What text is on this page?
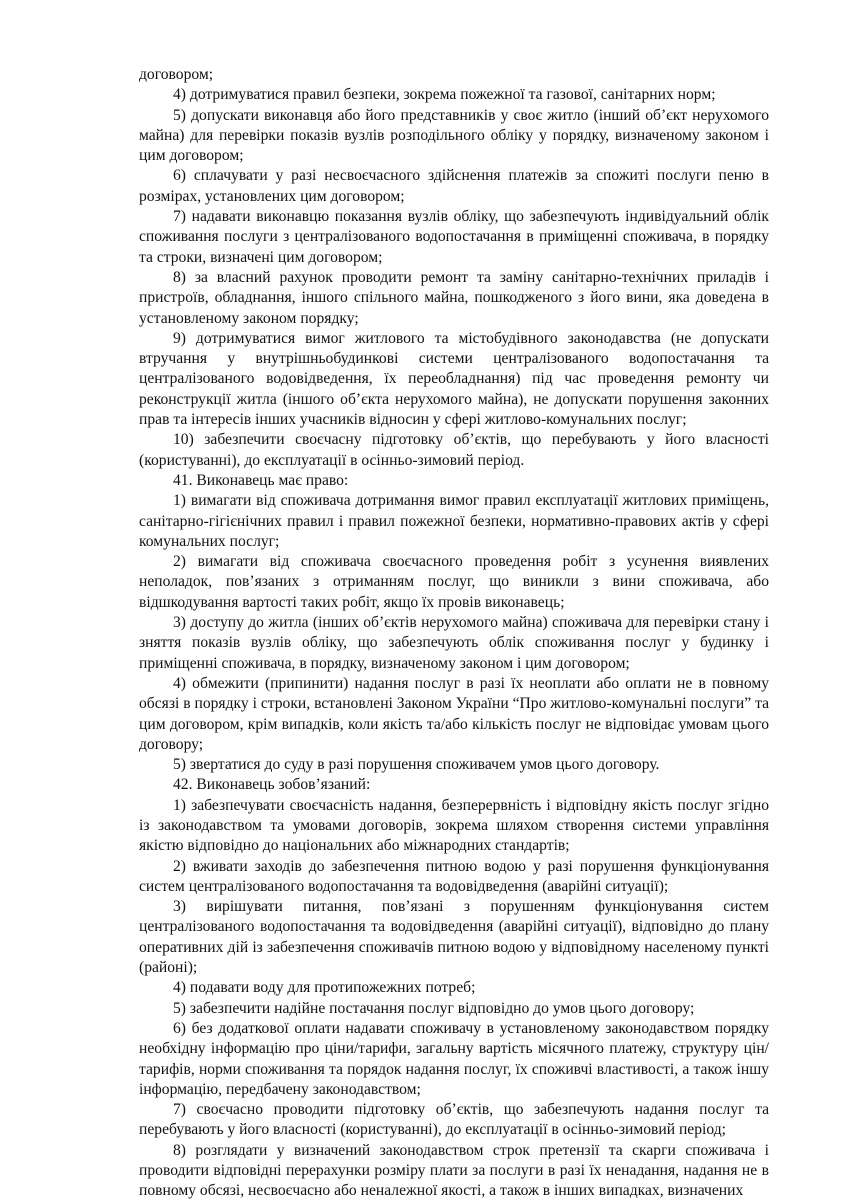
договором;

4) дотримуватися правил безпеки, зокрема пожежної та газової, санітарних норм;

5) допускати виконавця або його представників у своє житло (інший об’єкт нерухомого майна) для перевірки показів вузлів розподільного обліку у порядку, визначеному законом і цим договором;

6) сплачувати у разі несвоєчасного здійснення платежів за спожиті послуги пеню в розмірах, установлених цим договором;

7) надавати виконавцю показання вузлів обліку, що забезпечують індивідуальний облік споживання послуги з централізованого водопостачання в приміщенні споживача, в порядку та строки, визначені цим договором;

8) за власний рахунок проводити ремонт та заміну санітарно-технічних приладів і пристроїв, обладнання, іншого спільного майна, пошкодженого з його вини, яка доведена в установленому законом порядку;

9) дотримуватися вимог житлового та містобудівного законодавства (не допускати втручання у внутрішньобудинкові системи централізованого водопостачання та централізованого водовідведення, їх переобладнання) під час проведення ремонту чи реконструкції житла (іншого об’єкта нерухомого майна), не допускати порушення законних прав та інтересів інших учасників відносин у сфері житлово-комунальних послуг;

10) забезпечити своєчасну підготовку об’єктів, що перебувають у його власності (користуванні), до експлуатації в осінньо-зимовий період.

41. Виконавець має право:

1) вимагати від споживача дотримання вимог правил експлуатації житлових приміщень, санітарно-гігієнічних правил і правил пожежної безпеки, нормативно-правових актів у сфері комунальних послуг;

2) вимагати від споживача своєчасного проведення робіт з усунення виявлених неполадок, пов’язаних з отриманням послуг, що виникли з вини споживача, або відшкодування вартості таких робіт, якщо їх провів виконавець;

3) доступу до житла (інших об’єктів нерухомого майна) споживача для перевірки стану і зняття показів вузлів обліку, що забезпечують облік споживання послуг у будинку і приміщенні споживача, в порядку, визначеному законом і цим договором;

4) обмежити (припинити) надання послуг в разі їх неоплати або оплати не в повному обсязі в порядку і строки, встановлені Законом України “Про житлово-комунальні послуги” та цим договором, крім випадків, коли якість та/або кількість послуг не відповідає умовам цього договору;

5) звертатися до суду в разі порушення споживачем умов цього договору.

42. Виконавець зобов’язаний:

1) забезпечувати своєчасність надання, безперервність і відповідну якість послуг згідно із законодавством та умовами договорів, зокрема шляхом створення системи управління якістю відповідно до національних або міжнародних стандартів;

2) вживати заходів до забезпечення питною водою у разі порушення функціонування систем централізованого водопостачання та водовідведення (аварійні ситуації);

3) вирішувати питання, пов’язані з порушенням функціонування систем централізованого водопостачання та водовідведення (аварійні ситуації), відповідно до плану оперативних дій із забезпечення споживачів питною водою у відповідному населеному пункті (районі);

4) подавати воду для протипожежних потреб;

5) забезпечити надійне постачання послуг відповідно до умов цього договору;

6) без додаткової оплати надавати споживачу в установленому законодавством порядку необхідну інформацію про ціни/тарифи, загальну вартість місячного платежу, структуру цін/тарифів, норми споживання та порядок надання послуг, їх споживчі властивості, а також іншу інформацію, передбачену законодавством;

7) своєчасно проводити підготовку об’єктів, що забезпечують надання послуг та перебувають у його власності (користуванні), до експлуатації в осінньо-зимовий період;

8) розглядати у визначений законодавством строк претензії та скарги споживача і проводити відповідні перерахунки розміру плати за послуги в разі їх ненадання, надання не в повному обсязі, несвоєчасно або неналежної якості, а також в інших випадках, визначених
